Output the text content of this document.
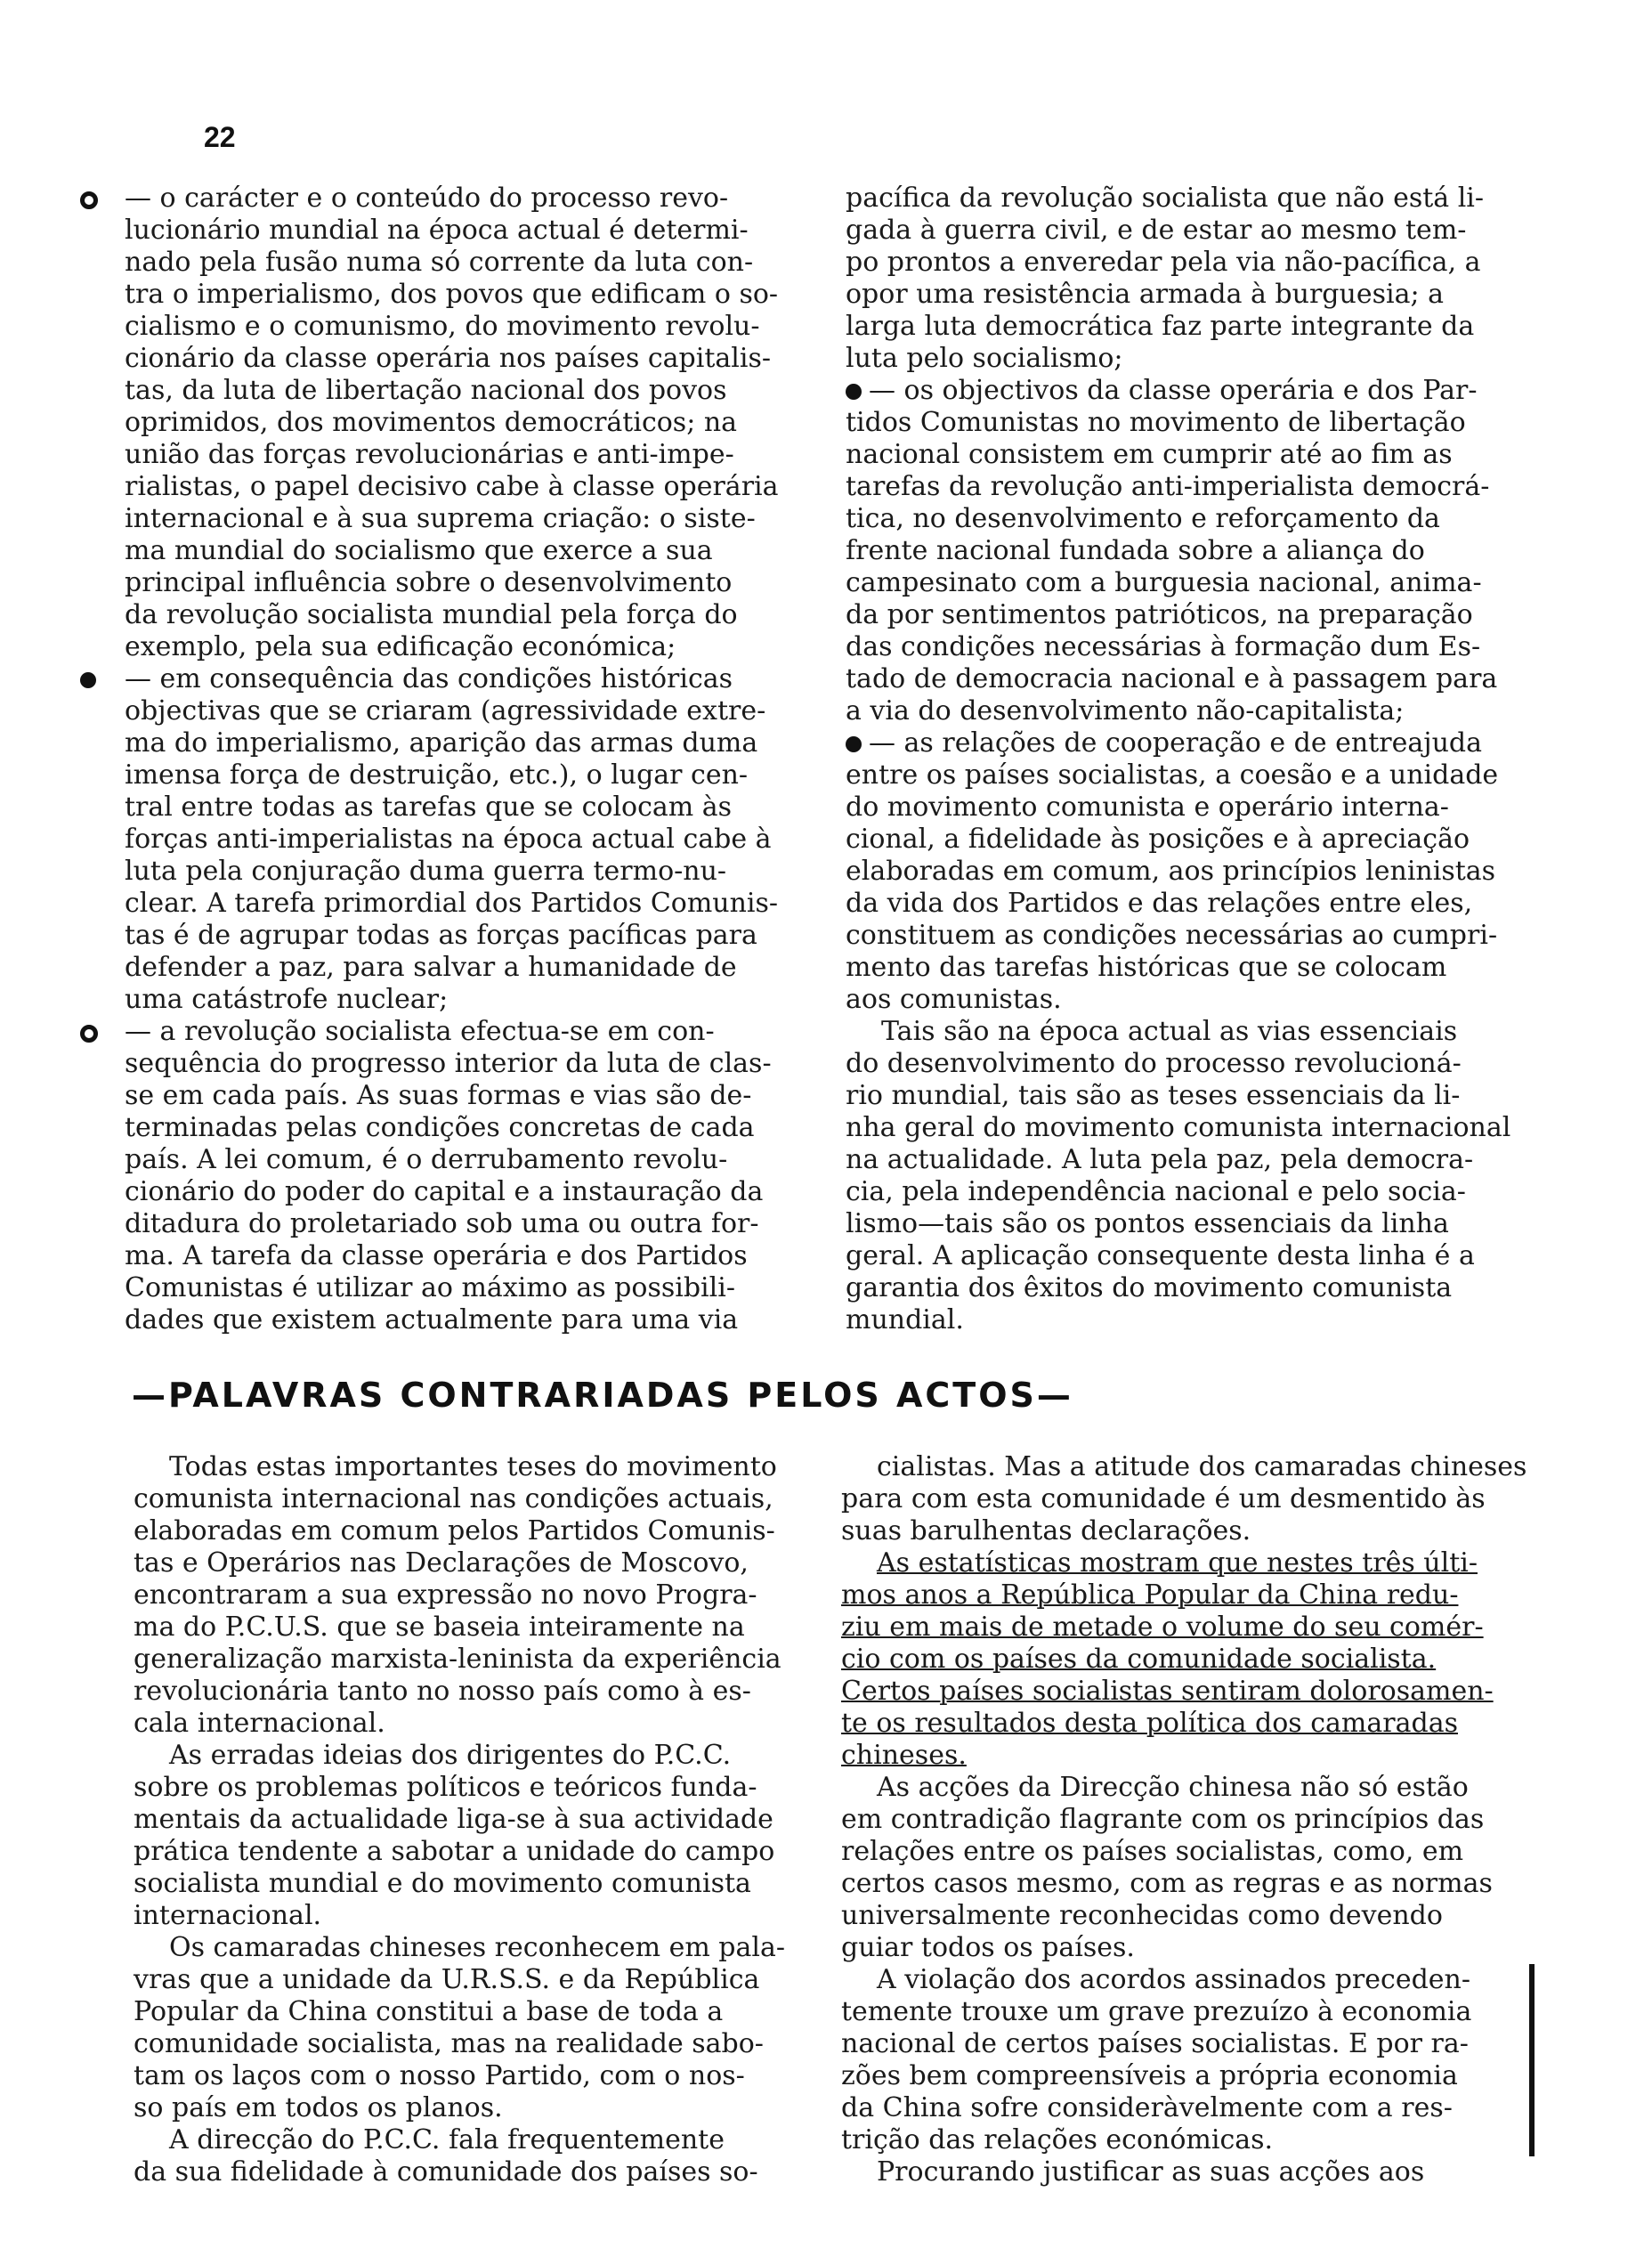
22
— o carácter e o conteúdo do processo revo-
lucionário mundial na época actual é determi-
nado pela fusão numa só corrente da luta con-
tra o imperialismo, dos povos que edificam o so-
cialismo e o comunismo, do movimento revolu-
cionário da classe operária nos países capitalis-
tas, da luta de libertação nacional dos povos
oprimidos, dos movimentos democráticos; na
união das forças revolucionárias e anti-impe-
rialistas, o papel decisivo cabe à classe operária
internacional e à sua suprema criação: o siste-
ma mundial do socialismo que exerce a sua
principal influência sobre o desenvolvimento
da revolução socialista mundial pela força do
exemplo, pela sua edificação económica;
— em consequência das condições históricas
objectivas que se criaram (agressividade extre-
ma do imperialismo, aparição das armas duma
imensa força de destruição, etc.), o lugar cen-
tral entre todas as tarefas que se colocam às
forças anti-imperialistas na época actual cabe à
luta pela conjuração duma guerra termo-nu-
clear. A tarefa primordial dos Partidos Comunis-
tas é de agrupar todas as forças pacíficas para
defender a paz, para salvar a humanidade de
uma catástrofe nuclear;
— a revolução socialista efectua-se em con-
sequência do progresso interior da luta de clas-
se em cada país. As suas formas e vias são de-
terminadas pelas condições concretas de cada
país. A lei comum, é o derrubamento revolu-
cionário do poder do capital e a instauração da
ditadura do proletariado sob uma ou outra for-
ma. A tarefa da classe operária e dos Partidos
Comunistas é utilizar ao máximo as possibili-
dades que existem actualmente para uma via
pacífica da revolução socialista que não está li-
gada à guerra civil, e de estar ao mesmo tem-
po prontos a enveredar pela via não-pacífica, a
opor uma resistência armada à burguesia; a
larga luta democrática faz parte integrante da
luta pelo socialismo;
— os objectivos da classe operária e dos Par-
tidos Comunistas no movimento de libertação
nacional consistem em cumprir até ao fim as
tarefas da revolução anti-imperialista democrá-
tica, no desenvolvimento e reforçamento da
frente nacional fundada sobre a aliança do
campesinato com a burguesia nacional, anima-
da por sentimentos patrióticos, na preparação
das condições necessárias à formação dum Es-
tado de democracia nacional e à passagem para
a via do desenvolvimento não-capitalista;
— as relações de cooperação e de entreajuda
entre os países socialistas, a coesão e a unidade
do movimento comunista e operário interna-
cional, a fidelidade às posições e à apreciação
elaboradas em comum, aos princípios leninistas
da vida dos Partidos e das relações entre eles,
constituem as condições necessárias ao cumpri-
mento das tarefas históricas que se colocam
aos comunistas.
Tais são na época actual as vias essenciais
do desenvolvimento do processo revolucioná-
rio mundial, tais são as teses essenciais da li-
nha geral do movimento comunista internacional
na actualidade. A luta pela paz, pela democra-
cia, pela independência nacional e pelo socia-
lismo—tais são os pontos essenciais da linha
geral. A aplicação consequente desta linha é a
garantia dos êxitos do movimento comunista
mundial.
—PALAVRAS CONTRARIADAS PELOS ACTOS—
Todas estas importantes teses do movimento
comunista internacional nas condições actuais,
elaboradas em comum pelos Partidos Comunis-
tas e Operários nas Declarações de Moscovo,
encontraram a sua expressão no novo Progra-
ma do P.C.U.S. que se baseia inteiramente na
generalização marxista-leninista da experiência
revolucionária tanto no nosso país como à es-
cala internacional.
As erradas ideias dos dirigentes do P.C.C.
sobre os problemas políticos e teóricos funda-
mentais da actualidade liga-se à sua actividade
prática tendente a sabotar a unidade do campo
socialista mundial e do movimento comunista
internacional.
Os camaradas chineses reconhecem em pala-
vras que a unidade da U.R.S.S. e da República
Popular da China constitui a base de toda a
comunidade socialista, mas na realidade sabo-
tam os laços com o nosso Partido, com o nos-
so país em todos os planos.
A direcção do P.C.C. fala frequentemente
da sua fidelidade à comunidade dos países so-
cialistas. Mas a atitude dos camaradas chineses
para com esta comunidade é um desmentido às
suas barulhentas declarações.
As estatísticas mostram que nestes três últi-
mos anos a República Popular da China redu-
ziu em mais de metade o volume do seu comér-
cio com os países da comunidade socialista.
Certos países socialistas sentiram dolorosamen-
te os resultados desta política dos camaradas
chineses.
As acções da Direcção chinesa não só estão
em contradição flagrante com os princípios das
relações entre os países socialistas, como, em
certos casos mesmo, com as regras e as normas
universalmente reconhecidas como devendo
guiar todos os países.
A violação dos acordos assinados preceden-
temente trouxe um grave prezuízo à economia
nacional de certos países socialistas. E por ra-
zões bem compreensíveis a própria economia
da China sofre consideràvelmente com a res-
trição das relações económicas.
Procurando justificar as suas acções aos
